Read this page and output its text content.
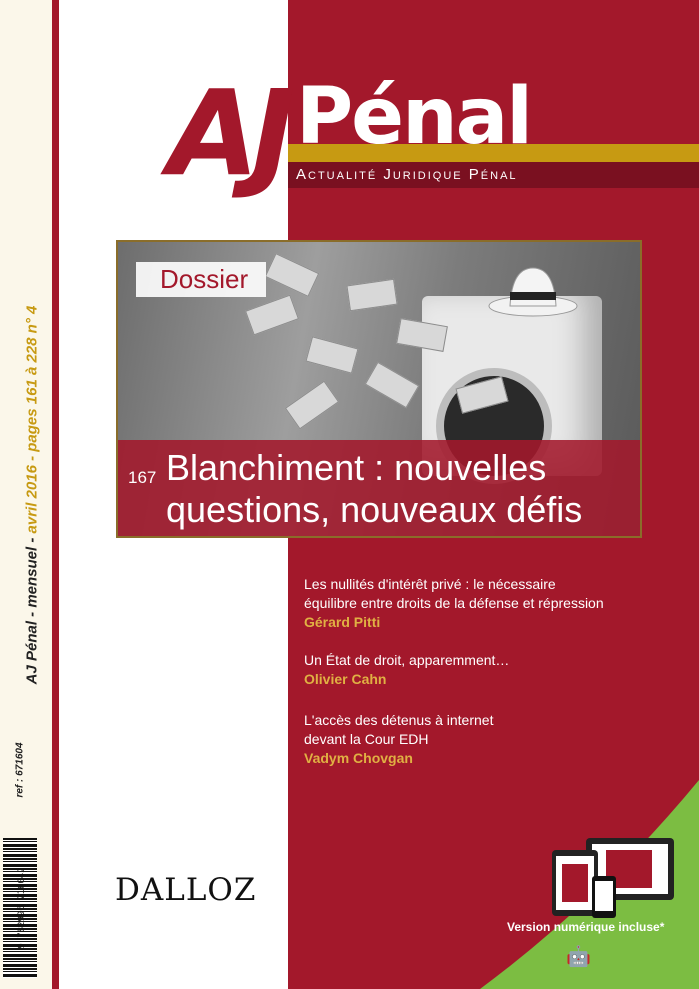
AJ Pénal - mensuel - avril 2016 - pages 161 à 228 n° 4
ref : 671604
9 782996 716042
AJ Pénal
Actualité Juridique Pénal
Dossier
167 Blanchiment : nouvelles
questions, nouveaux défis
194 Les nullités d'intérêt privé : le nécessaire
équilibre entre droits de la défense et répression
Gérard Pitti
201 Un État de droit, apparemment…
Olivier Cahn
224 L'accès des détenus à internet
devant la Cour EDH
Vadym Chovgan
DALLOZ
Version numérique incluse*
🤖
